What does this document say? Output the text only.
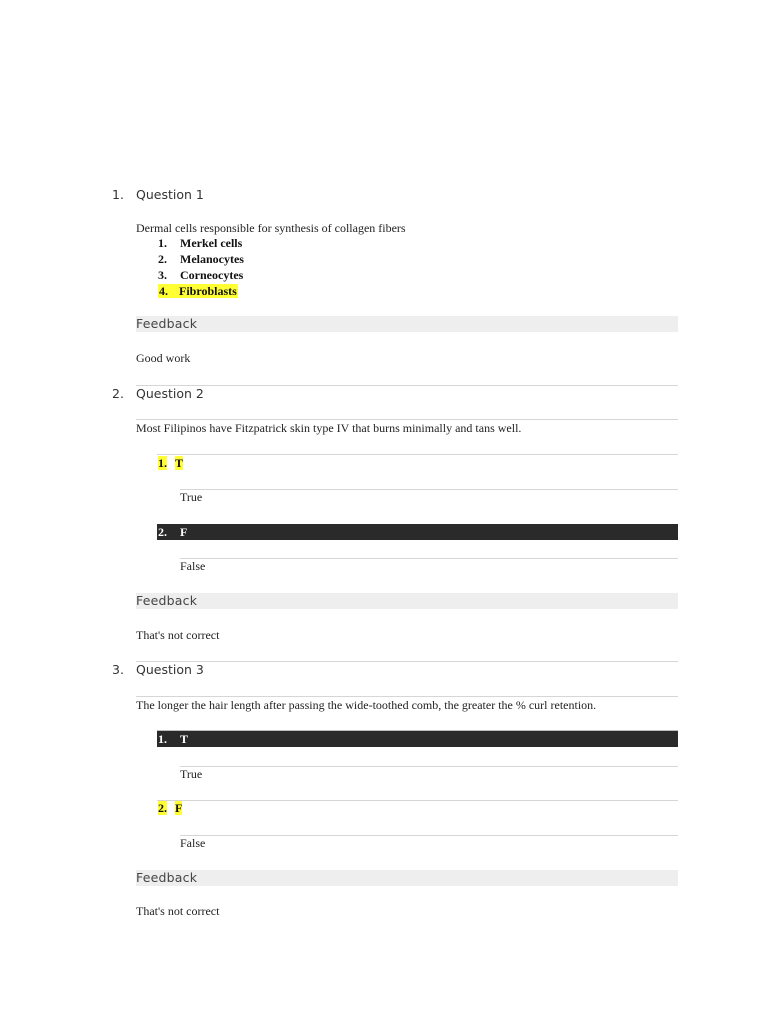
1. Question 1
Dermal cells responsible for synthesis of collagen fibers
1. Merkel cells
2. Melanocytes
3. Corneocytes
4. Fibroblasts
Feedback
Good work
2. Question 2
Most Filipinos have Fitzpatrick skin type IV that burns minimally and tans well.
1. T
True
2. F
False
Feedback
That's not correct
3. Question 3
The longer the hair length after passing the wide-toothed comb, the greater the % curl retention.
1. T
True
2. F
False
Feedback
That's not correct
